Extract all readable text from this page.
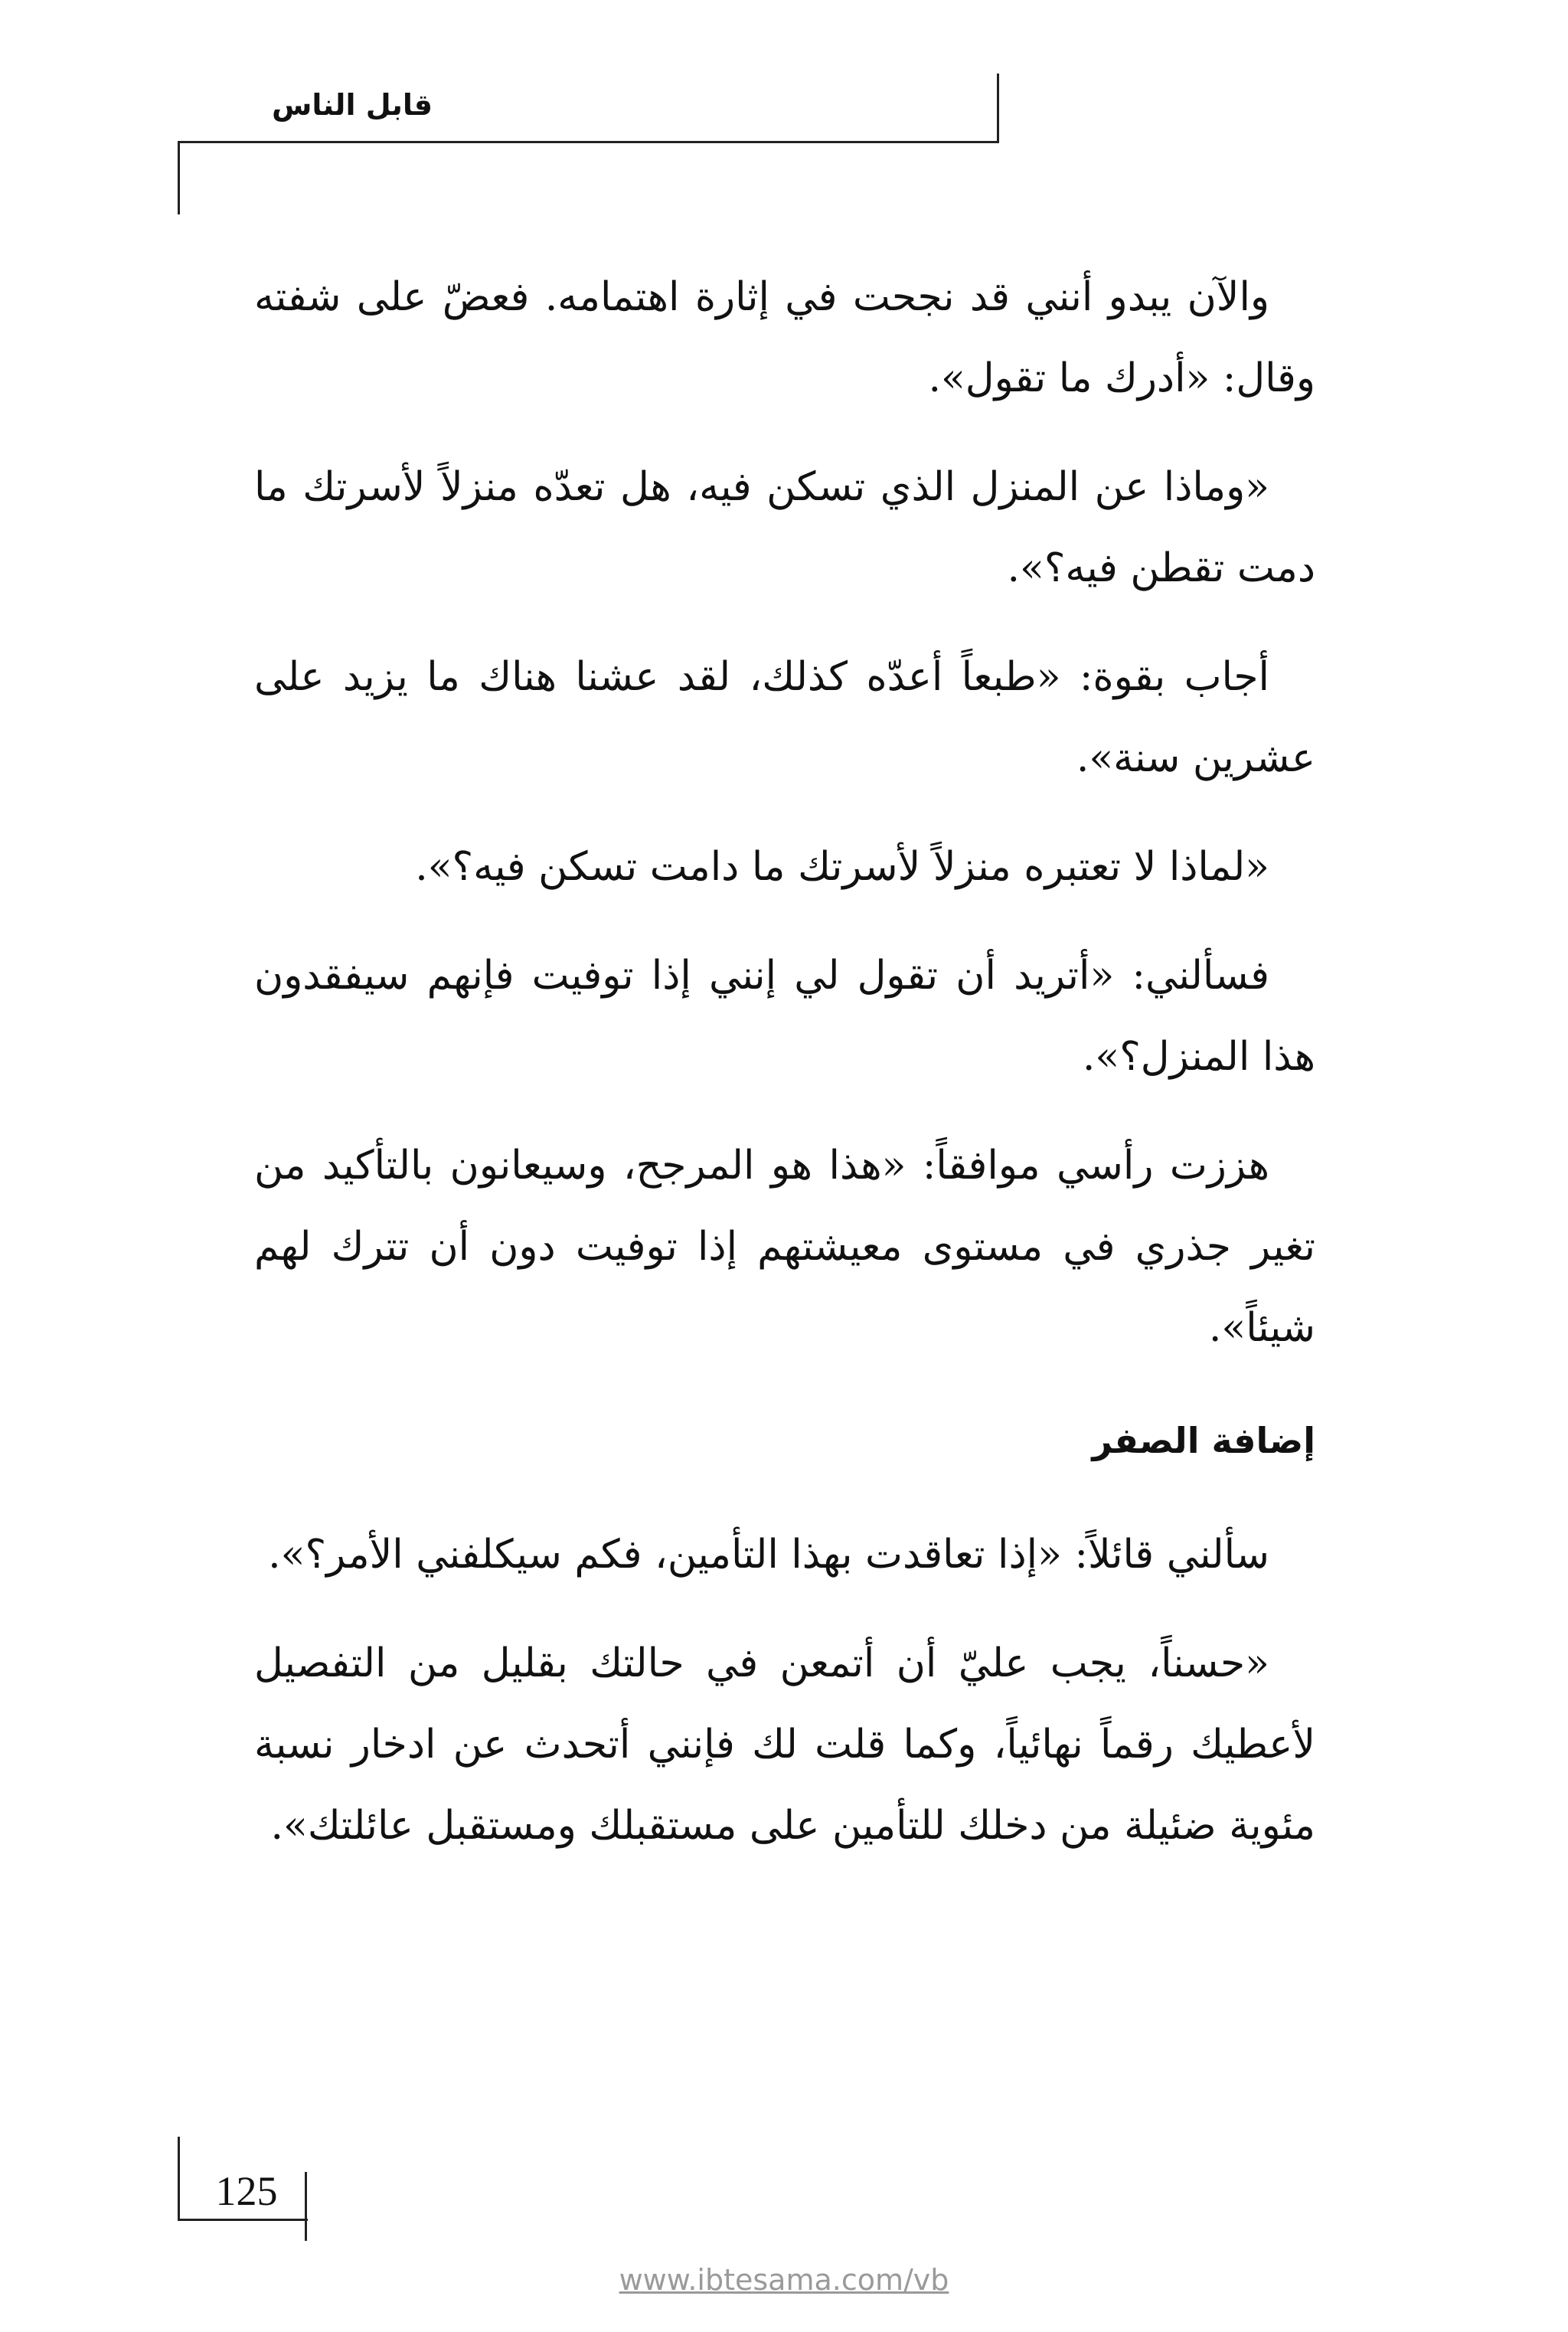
قابل الناس

والآن يبدو أنني قد نجحت في إثارة اهتمامه. فعضّ على شفته وقال: «أدرك ما تقول».

«وماذا عن المنزل الذي تسكن فيه، هل تعدّه منزلاً لأسرتك ما دمت تقطن فيه؟».

أجاب بقوة: «طبعاً أعدّه كذلك، لقد عشنا هناك ما يزيد على عشرين سنة».

«لماذا لا تعتبره منزلاً لأسرتك ما دامت تسكن فيه؟».

فسألني: «أتريد أن تقول لي إنني إذا توفيت فإنهم سيفقدون هذا المنزل؟».

هززت رأسي موافقاً: «هذا هو المرجح، وسيعانون بالتأكيد من تغير جذري في مستوى معيشتهم إذا توفيت دون أن تترك لهم شيئاً».

إضافة الصفر

سألني قائلاً: «إذا تعاقدت بهذا التأمين، فكم سيكلفني الأمر؟».

«حسناً، يجب عليّ أن أتمعن في حالتك بقليل من التفصيل لأعطيك رقماً نهائياً، وكما قلت لك فإنني أتحدث عن ادخار نسبة مئوية ضئيلة من دخلك للتأمين على مستقبلك ومستقبل عائلتك».

125
www.ibtesama.com/vb
